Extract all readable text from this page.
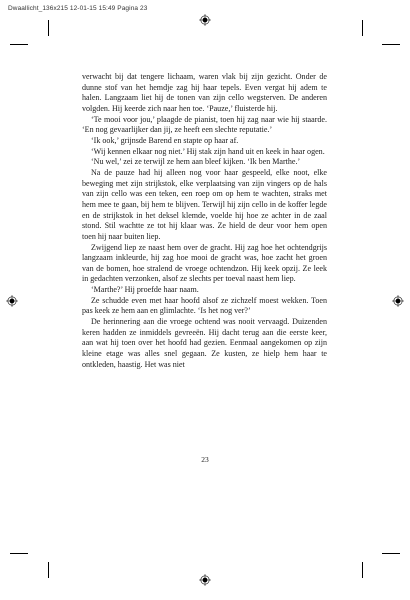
Dwaallicht_136x215 12-01-15 15:49 Pagina 23

verwacht bij dat tengere lichaam, waren vlak bij zijn gezicht. Onder de dunne stof van het hemdje zag hij haar tepels. Even vergat hij adem te halen. Langzaam liet hij de tonen van zijn cello wegsterven. De anderen volgden. Hij keerde zich naar hen toe. ‘Pauze,’ fluisterde hij.

‘Te mooi voor jou,’ plaagde de pianist, toen hij zag naar wie hij staarde. ‘En nog gevaarlijker dan jij, ze heeft een slechte reputatie.’

‘Ik ook,’ grijnsde Barend en stapte op haar af.

‘Wij kennen elkaar nog niet.’ Hij stak zijn hand uit en keek in haar ogen.

‘Nu wel,’ zei ze terwijl ze hem aan bleef kijken. ‘Ik ben Marthe.’

Na de pauze had hij alleen nog voor haar gespeeld, elke noot, elke beweging met zijn strijkstok, elke verplaatsing van zijn vingers op de hals van zijn cello was een teken, een roep om op hem te wachten, straks met hem mee te gaan, bij hem te blijven. Terwijl hij zijn cello in de koffer legde en de strijkstok in het deksel klemde, voelde hij hoe ze achter in de zaal stond. Stil wachtte ze tot hij klaar was. Ze hield de deur voor hem open toen hij naar buiten liep.

Zwijgend liep ze naast hem over de gracht. Hij zag hoe het ochtendgrijs langzaam inkleurde, hij zag hoe mooi de gracht was, hoe zacht het groen van de bomen, hoe stralend de vroege ochtendzon. Hij keek opzij. Ze leek in gedachten verzonken, alsof ze slechts per toeval naast hem liep.

‘Marthe?’ Hij proefde haar naam.

Ze schudde even met haar hoofd alsof ze zichzelf moest wekken. Toen pas keek ze hem aan en glimlachte. ‘Is het nog ver?’

De herinnering aan die vroege ochtend was nooit vervaagd. Duizenden keren hadden ze inmiddels gevreeën. Hij dacht terug aan die eerste keer, aan wat hij toen over het hoofd had gezien. Eenmaal aangekomen op zijn kleine etage was alles snel gegaan. Ze kusten, ze hielp hem haar te ontkleden, haastig. Het was niet

23
